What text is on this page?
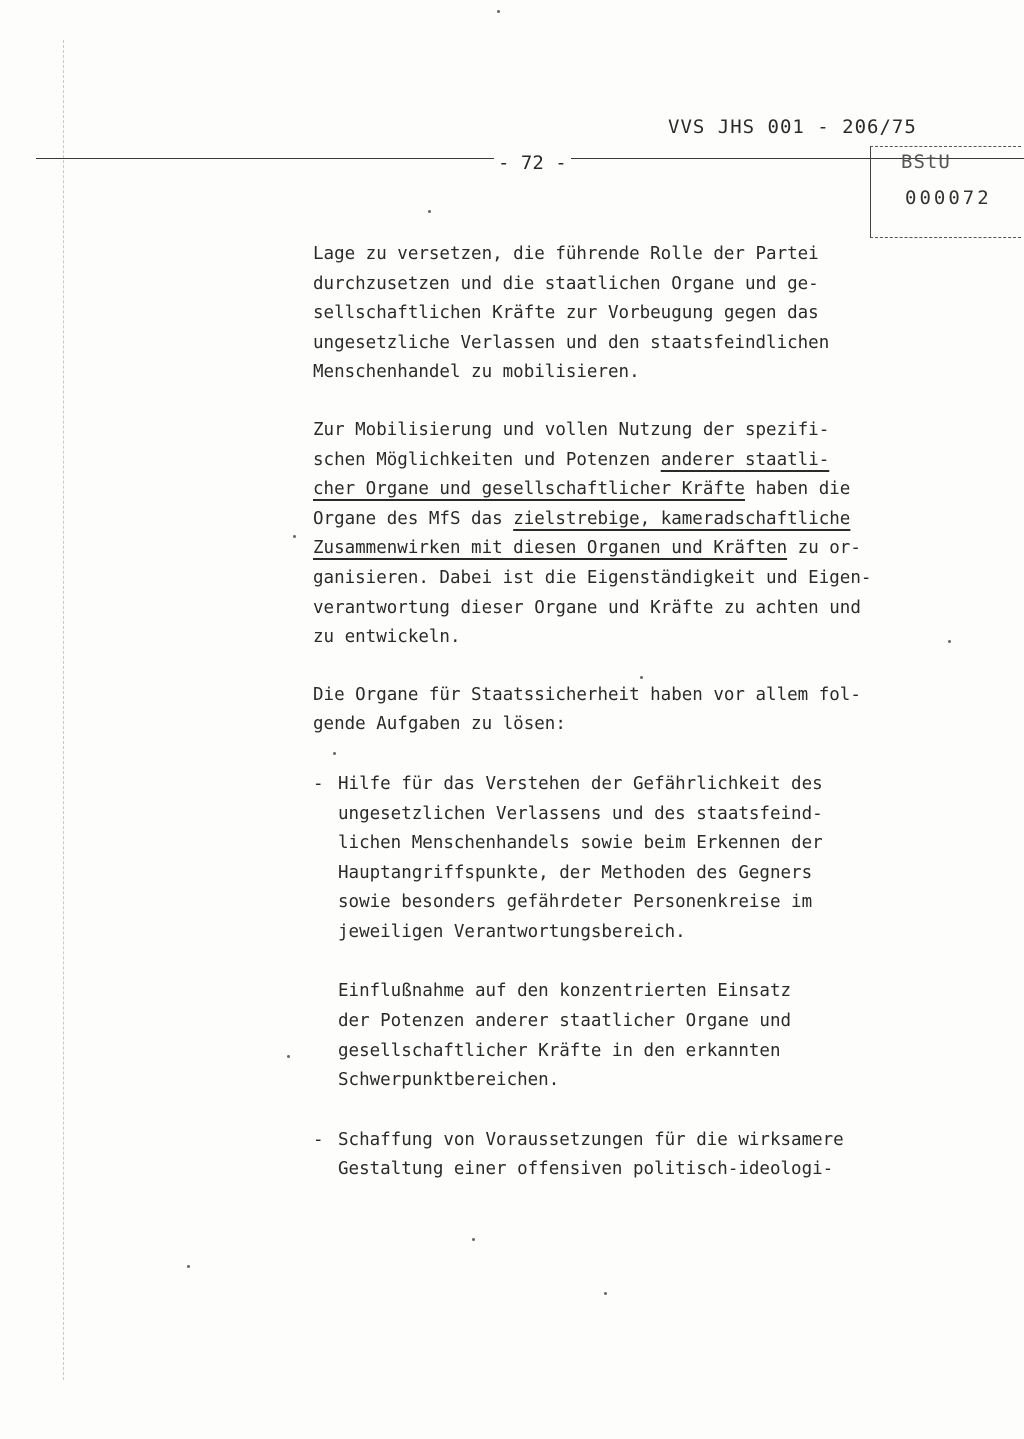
VVS JHS 001 - 206/75
- 72 -	BStU
000072
Lage zu versetzen, die führende Rolle der Partei
durchzusetzen und die staatlichen Organe und ge-
sellschaftlichen Kräfte zur Vorbeugung gegen das
ungesetzliche Verlassen und den staatsfeindlichen
Menschenhandel zu mobilisieren.
Zur Mobilisierung und vollen Nutzung der spezifi-
schen Möglichkeiten und Potenzen anderer staatli-
cher Organe und gesellschaftlicher Kräfte haben die
Organe des MfS das zielstrebige, kameradschaftliche
Zusammenwirken mit diesen Organen und Kräften zu or-
ganisieren. Dabei ist die Eigenständigkeit und Eigen-
verantwortung dieser Organe und Kräfte zu achten und
zu entwickeln.
Die Organe für Staatssicherheit haben vor allem fol-
gende Aufgaben zu lösen:
- Hilfe für das Verstehen der Gefährlichkeit des
ungesetzlichen Verlassens und des staatsfeind-
lichen Menschenhandels sowie beim Erkennen der
Hauptangriffspunkte, der Methoden des Gegners
sowie besonders gefährdeter Personenkreise im
jeweiligen Verantwortungsbereich.
Einflußnahme auf den konzentrierten Einsatz
der Potenzen anderer staatlicher Organe und
gesellschaftlicher Kräfte in den erkannten
Schwerpunktbereichen.
- Schaffung von Voraussetzungen für die wirksamere
Gestaltung einer offensiven politisch-ideologi-
